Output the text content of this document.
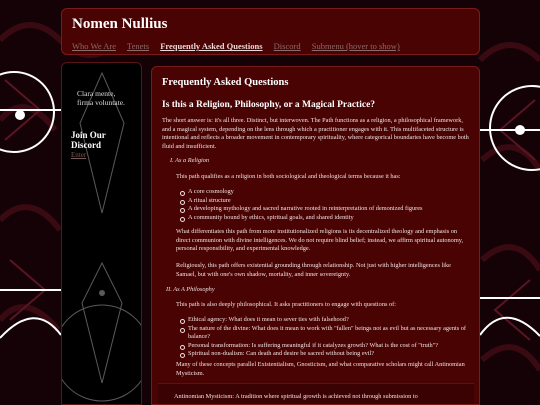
Nomen Nullius
Who We Are Tenets Frequently Asked Questions Discord Submenu (hover to show)
Clara mente,
firma voluntate.
Join Our
Discord
Enter
Frequently Asked Questions
Is this a Religion, Philosophy, or a Magical Practice?

The short answer is: it's all three. Distinct, but interwoven. The Path functions as a religion, a philosophical framework, and a magical system, depending on the lens through which a practitioner engages with it. This multifaceted structure is intentional and reflects a broader movement in contemporary spirituality, where categorical boundaries have become both fluid and insufficient.

I. As a Religion

This path qualifies as a religion in both sociological and theological terms because it has:

A core cosmology
A ritual structure
A developing mythology and sacred narrative rooted in reinterpretation of demonized figures
A community bound by ethics, spiritual goals, and shared identity

What differentiates this path from more institutionalized religions is its decentralized theology and emphasis on direct communion with divine intelligences. We do not require blind belief; instead, we affirm spiritual autonomy, personal responsibility, and experimental knowledge.

Religiously, this path offers existential grounding through relationship. Not just with higher intelligences like Samael, but with one's own shadow, mortality, and inner sovereignty.

II. As A Philosophy

This path is also deeply philosophical. It asks practitioners to engage with questions of:

Ethical agency: What does it mean to sever ties with falsehood?
The nature of the divine: What does it mean to work with "fallen" beings not as evil but as necessary agents of balance?
Personal transformation: Is suffering meaningful if it catalyzes growth? What is the cost of "truth"?
Spiritual non-dualism: Can death and desire be sacred without being evil?

Many of these concepts parallel Existentialism, Gnosticism, and what comparative scholars might call Antinomian Mysticism.

Antinomian Mysticism: A tradition where spiritual growth is achieved not through submission to
